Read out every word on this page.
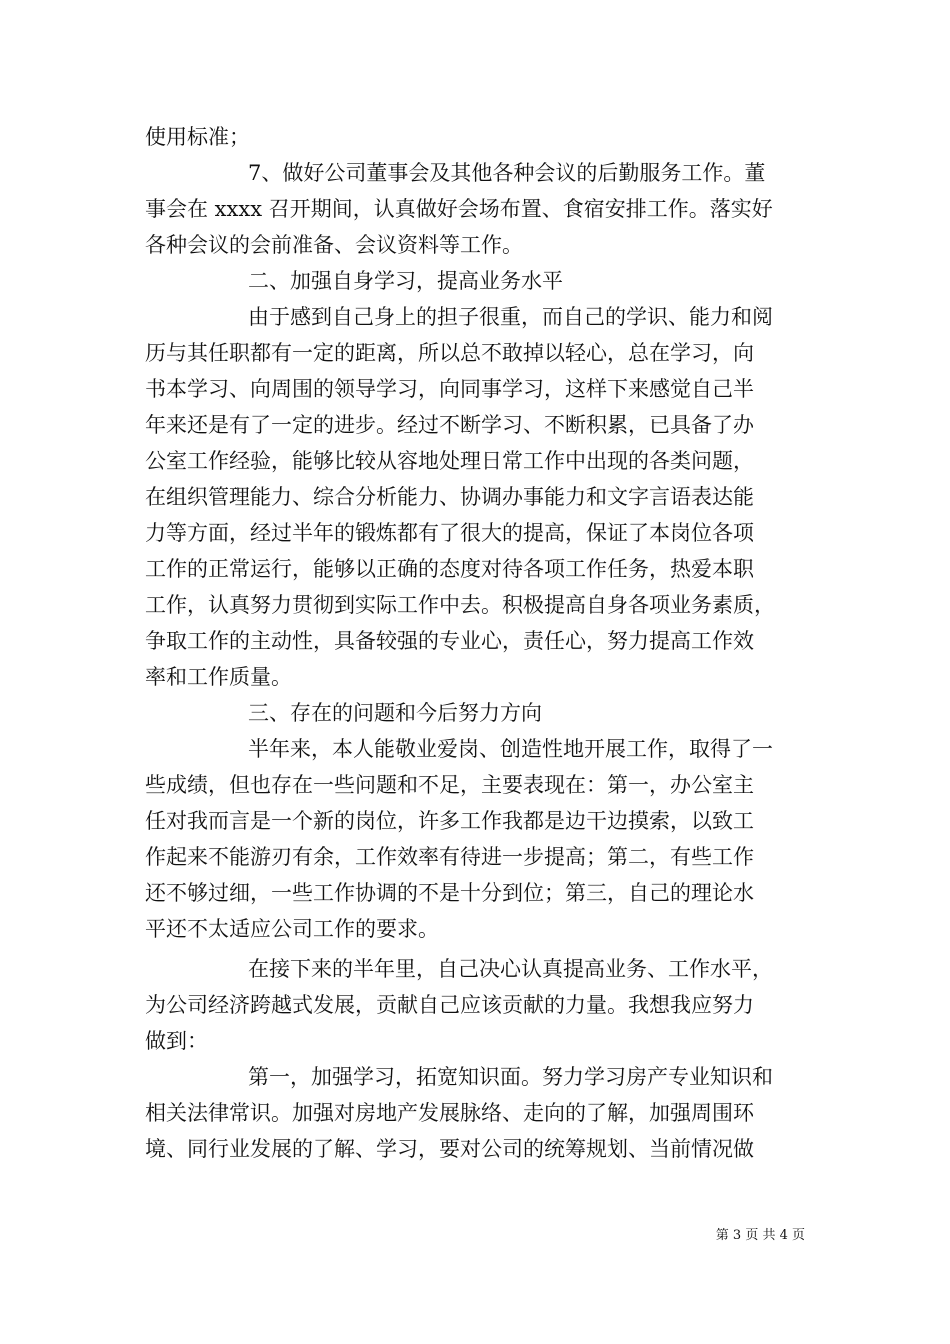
使用标准；
7、做好公司董事会及其他各种会议的后勤服务工作。董
事会在 xxxx 召开期间，认真做好会场布置、食宿安排工作。落实好
各种会议的会前准备、会议资料等工作。
二、加强自身学习，提高业务水平
由于感到自己身上的担子很重，而自己的学识、能力和阅
历与其任职都有一定的距离，所以总不敢掉以轻心，总在学习，向
书本学习、向周围的领导学习，向同事学习，这样下来感觉自己半
年来还是有了一定的进步。经过不断学习、不断积累，已具备了办
公室工作经验，能够比较从容地处理日常工作中出现的各类问题，
在组织管理能力、综合分析能力、协调办事能力和文字言语表达能
力等方面，经过半年的锻炼都有了很大的提高，保证了本岗位各项
工作的正常运行，能够以正确的态度对待各项工作任务，热爱本职
工作，认真努力贯彻到实际工作中去。积极提高自身各项业务素质，
争取工作的主动性，具备较强的专业心，责任心，努力提高工作效
率和工作质量。
三、存在的问题和今后努力方向
半年来，本人能敬业爱岗、创造性地开展工作，取得了一
些成绩，但也存在一些问题和不足，主要表现在：第一，办公室主
任对我而言是一个新的岗位，许多工作我都是边干边摸索，以致工
作起来不能游刃有余，工作效率有待进一步提高；第二，有些工作
还不够过细，一些工作协调的不是十分到位；第三，自己的理论水
平还不太适应公司工作的要求。
在接下来的半年里，自己决心认真提高业务、工作水平，
为公司经济跨越式发展，贡献自己应该贡献的力量。我想我应努力
做到：
第一，加强学习，拓宽知识面。努力学习房产专业知识和
相关法律常识。加强对房地产发展脉络、走向的了解，加强周围环
境、同行业发展的了解、学习，要对公司的统筹规划、当前情况做
第 3 页 共 4 页
